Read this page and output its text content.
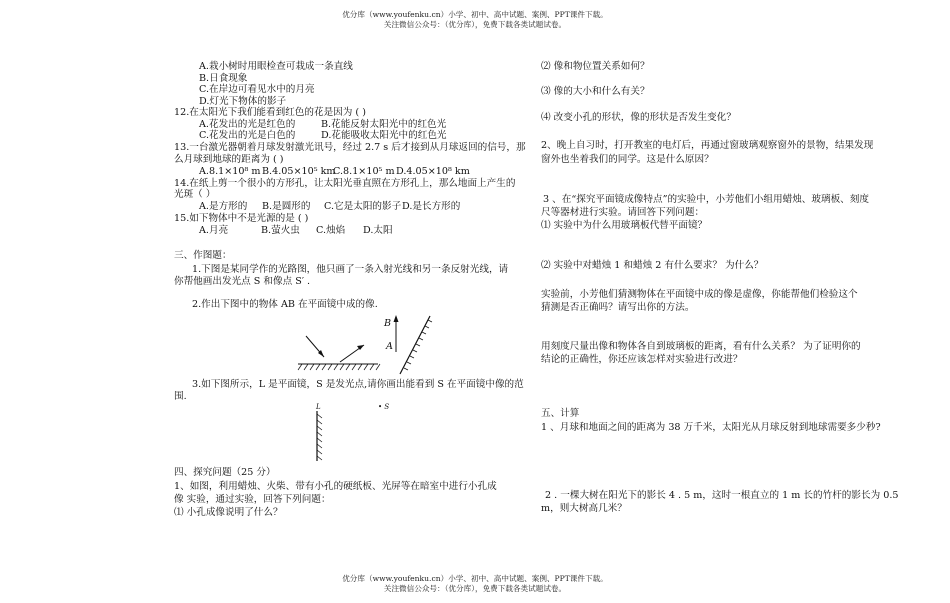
优分库（www.youfenku.cn）小学、初中、高中试题、案例、PPT课件下载。
关注微信公众号：（优分库），免费下载各类试题试卷。
A.栽小树时用眼检查可栽成一条直线
B.日食现象
C.在岸边可看见水中的月亮
D.灯光下物体的影子
12.在太阳光下我们能看到红色的花是因为 ( )
A.花发出的光是红色的	B.花能反射太阳光中的红色光
C.花发出的光是白色的	D.花能吸收太阳光中的红色光
13.一台激光器朝着月球发射激光讯号，经过 2.7 s 后才接到从月球返回的信号，那
么月球到地球的距离为 ( )
A.8.1×10⁸ m B.4.05×10⁵ km
C.8.1×10⁵ m D.4.05×10⁸ km
14.在纸上剪一个很小的方形孔，让太阳光垂直照在方形孔上，那么地面上产生的
光斑（ ）
A.是方形的 B.是圆形的 C.它是太阳的影子 D.是长方形的
15.如下物体中不是光源的是 ( )
A.月亮	B.萤火虫 C.烛焰 D.太阳
三、作图题：
1.下图是某同学作的光路图，他只画了一条入射光线和另一条反射光线，请
你帮他画出发光点 S 和像点 S′ .
2.作出下图中的物体 AB 在平面镜中成的像.
B
A
3.如下图所示，L 是平面镜，S 是发光点,请你画出能看到 S 在平面镜中像的范
围.
L	• S
四、探究问题（25 分）
1、如图，利用蜡烛、火柴、带有小孔的硬纸板、光屏等在暗室中进行小孔成
像 实验，通过实验，回答下列问题：
⑴ 小孔成像说明了什么？
⑵ 像和物位置关系如何？
⑶ 像的大小和什么有关？
⑷ 改变小孔的形状，像的形状是否发生变化？
2、晚上自习时，打开教室的电灯后，再通过窗玻璃观察窗外的景物，结果发现
窗外也坐着我们的同学。这是什么原因？
3 、在“探究平面镜成像特点”的实验中，小芳他们小组用蜡烛、玻璃板、刻度
尺等器材进行实验。请回答下列问题：
⑴ 实验中为什么用玻璃板代替平面镜？
⑵ 实验中对蜡烛 1 和蜡烛 2 有什么要求？ 为什么？
实验前，小芳他们猜测物体在平面镜中成的像是虚像，你能帮他们检验这个
猜测是否正确吗？请写出你的方法。
用刻度尺量出像和物体各自到玻璃板的距离，看有什么关系？ 为了证明你的
结论的正确性，你还应该怎样对实验进行改进？
五、计算
1 、月球和地面之间的距离为 38 万千米，太阳光从月球反射到地球需要多少秒?
2 . 一棵大树在阳光下的影长 4 . 5 m，这时一根直立的 1 m 长的竹杆的影长为 0.5
m，则大树高几米？
优分库（www.youfenku.cn）小学、初中、高中试题、案例、PPT课件下载。
关注微信公众号：（优分库），免费下载各类试题试卷。
